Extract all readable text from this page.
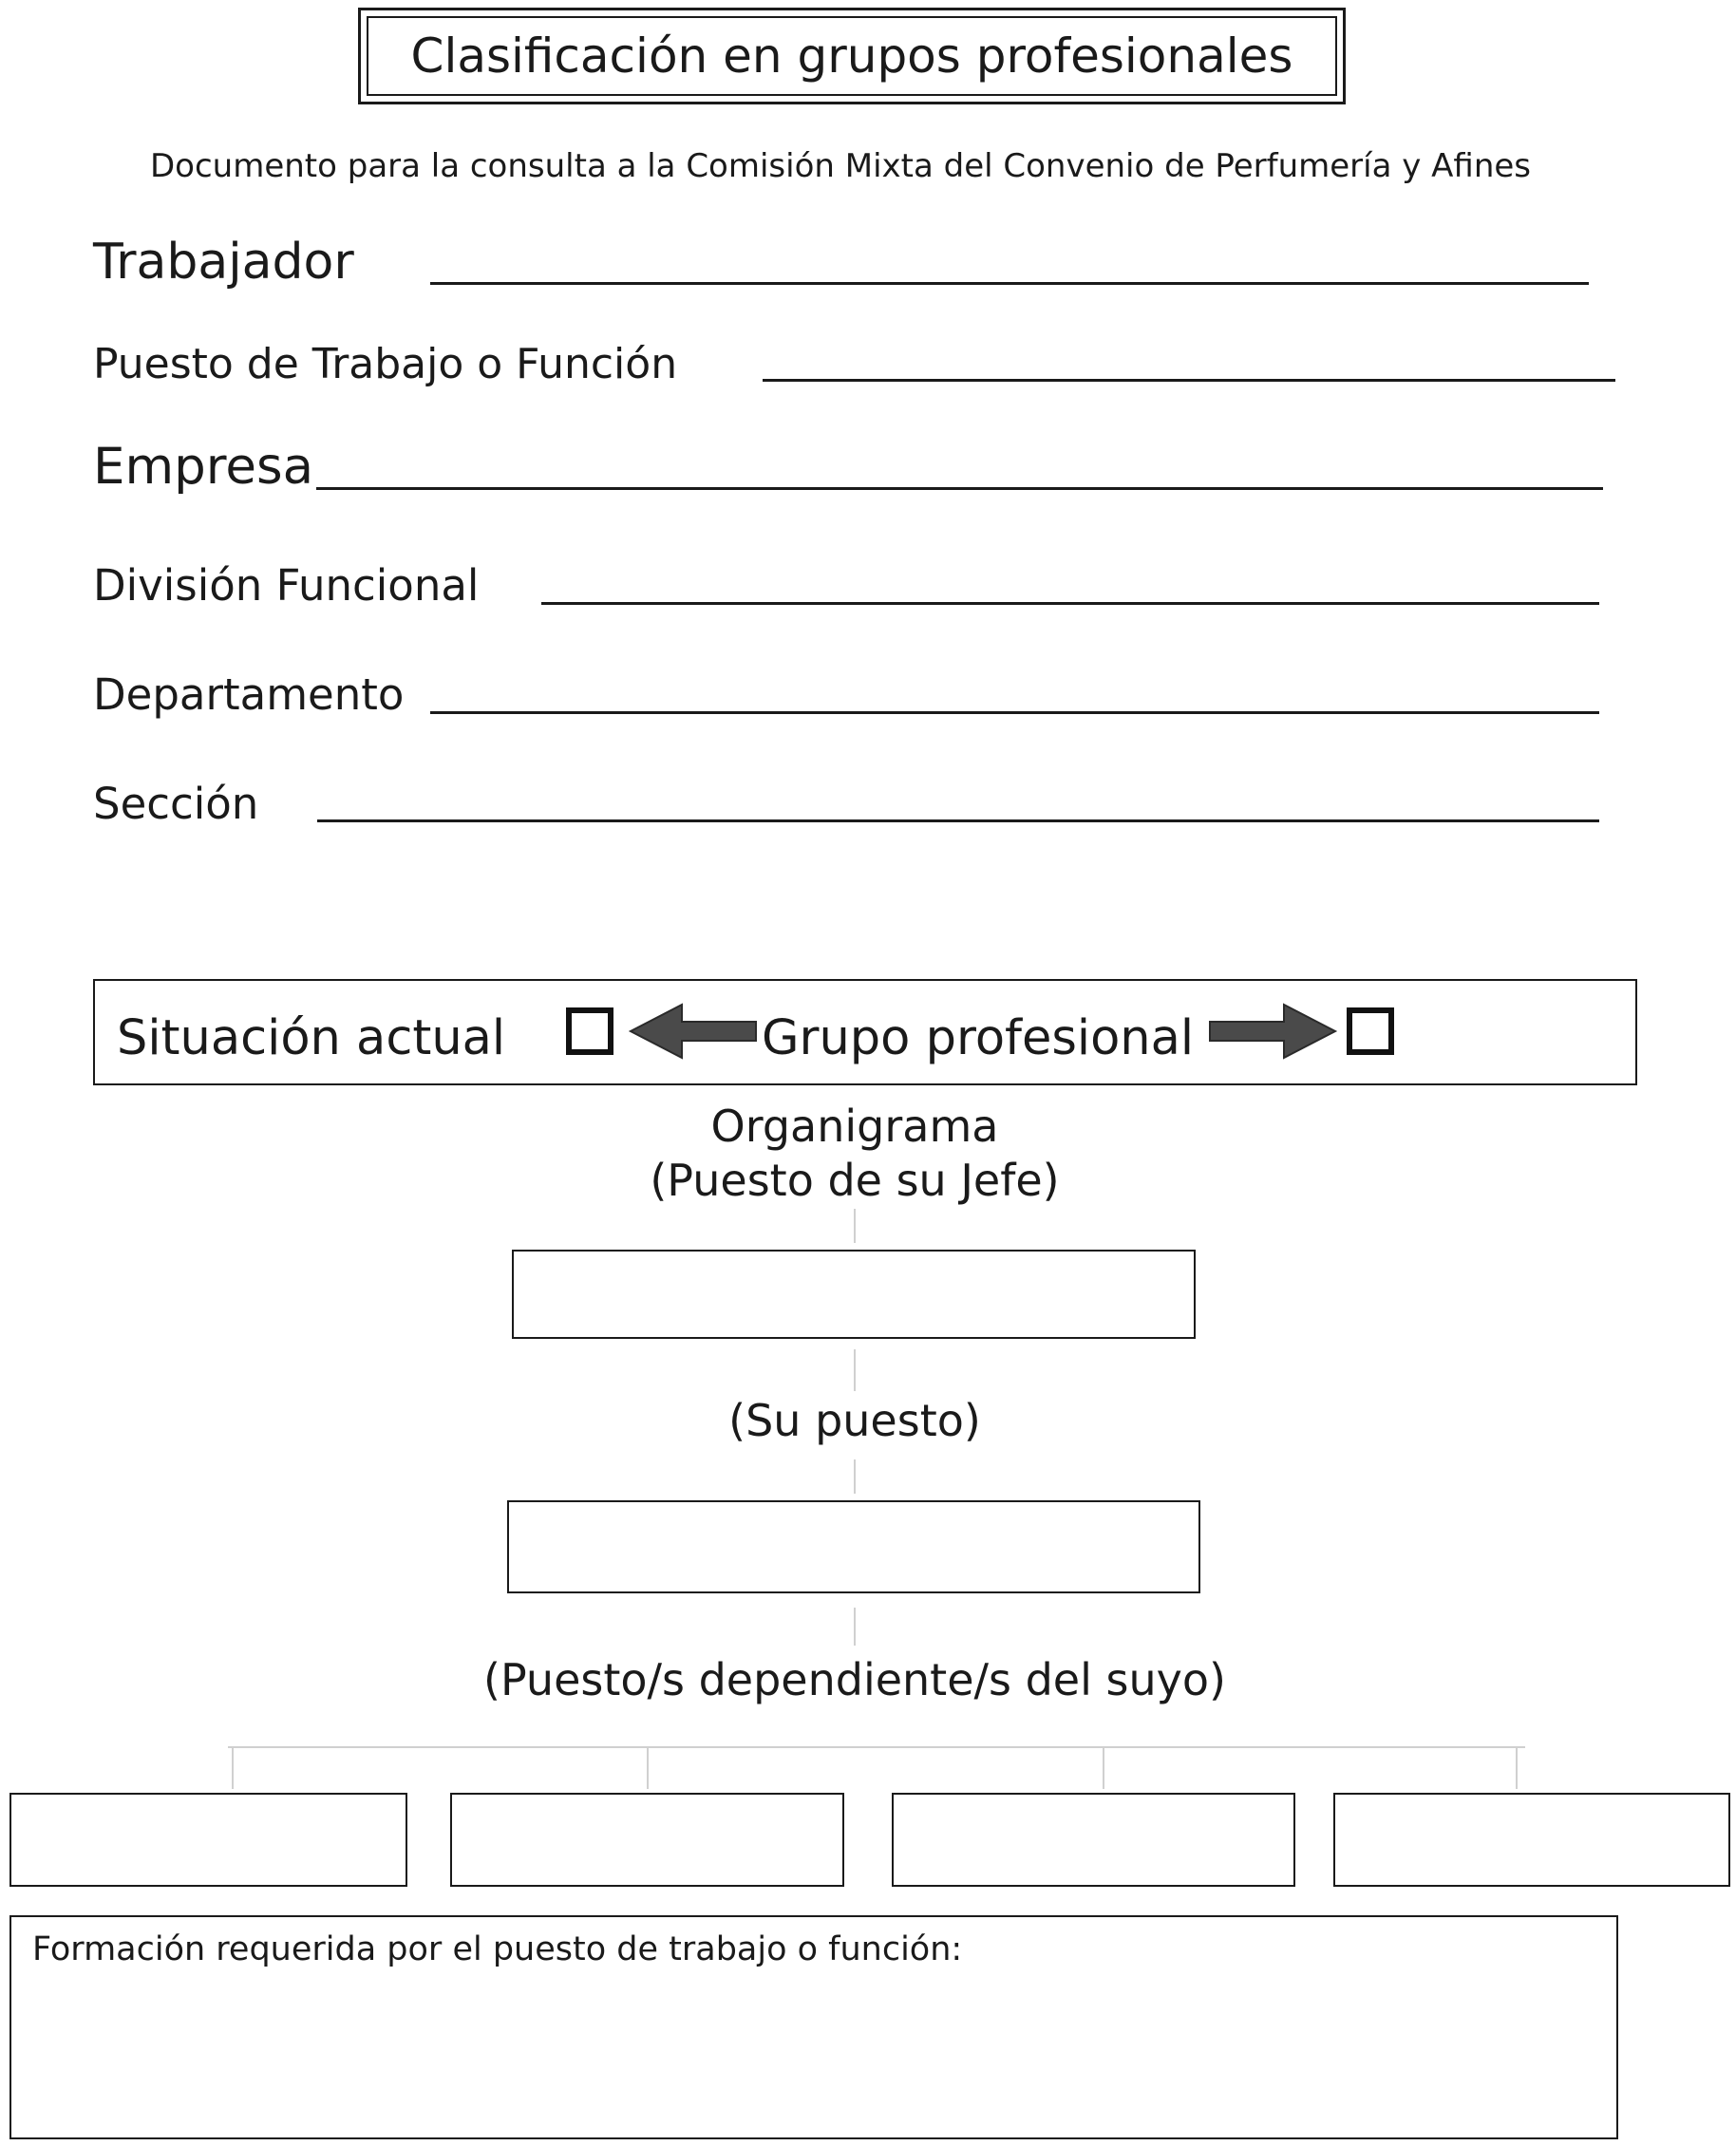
Clasificación en grupos profesionales
Documento para la consulta a la Comisión Mixta del Convenio de Perfumería y Afines
Trabajador
Puesto de Trabajo o Función
Empresa
División Funcional
Departamento
Sección
Situación actual	Grupo profesional
Organigrama
(Puesto de su Jefe)
(Su puesto)
(Puesto/s dependiente/s del suyo)
Formación requerida por el puesto de trabajo o función:
